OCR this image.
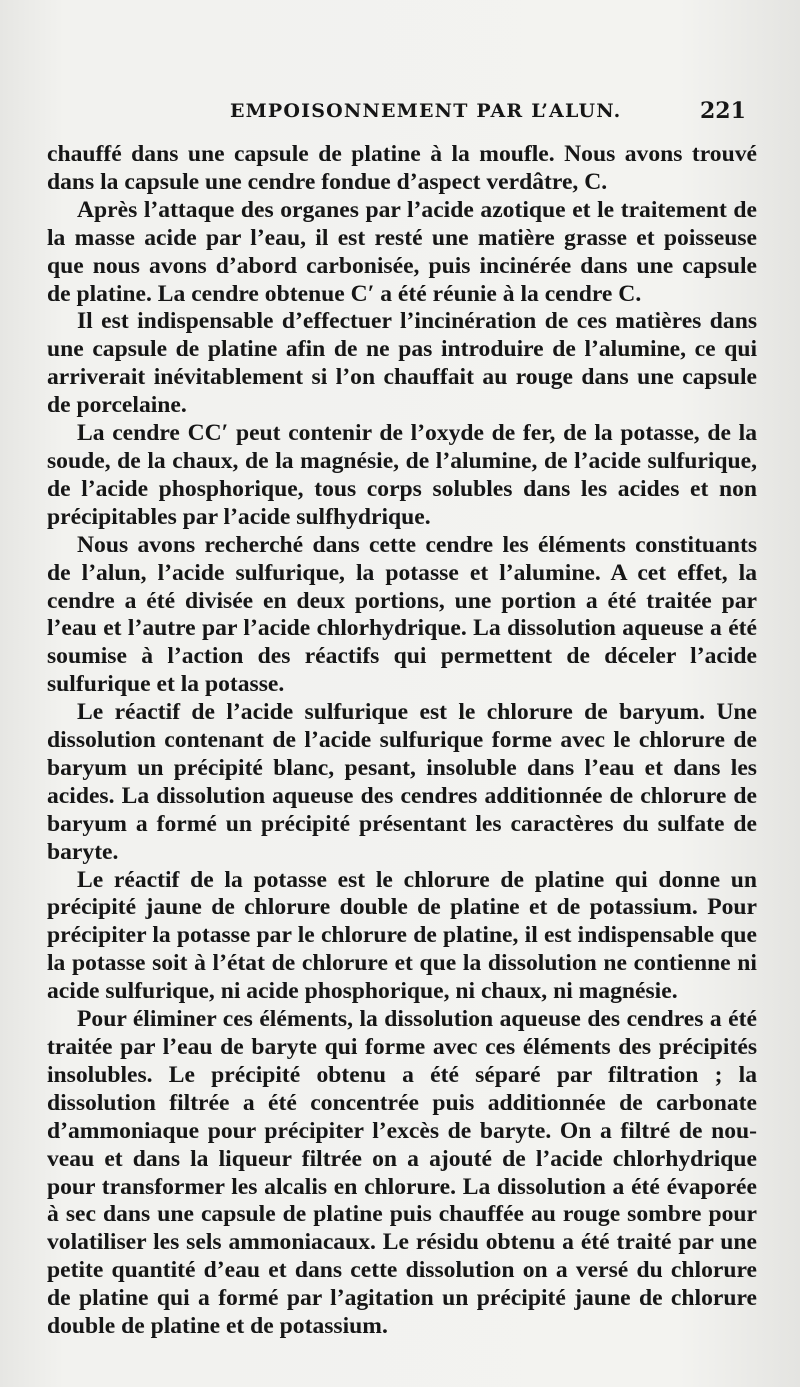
EMPOISONNEMENT PAR L’ALUN.	221

chauffé dans une capsule de platine à la moufle. Nous avons trouvé dans la capsule une cendre fondue d’aspect verdâtre, C.

Après l’attaque des organes par l’acide azotique et le traitement de la masse acide par l’eau, il est resté une matière grasse et poisseuse que nous avons d’abord carbonisée, puis incinérée dans une capsule de platine. La cendre obtenue C′ a été réunie à la cendre C.

Il est indispensable d’effectuer l’incinération de ces matières dans une capsule de platine afin de ne pas introduire de l’alumine, ce qui arriverait inévitablement si l’on chauffait au rouge dans une capsule de porcelaine.

La cendre CC′ peut contenir de l’oxyde de fer, de la potasse, de la soude, de la chaux, de la magnésie, de l’alumine, de l’acide sulfurique, de l’acide phosphorique, tous corps solubles dans les acides et non précipitables par l’acide sulfhydrique.

Nous avons recherché dans cette cendre les éléments constituants de l’alun, l’acide sulfurique, la potasse et l’alumine. A cet effet, la cendre a été divisée en deux portions, une portion a été traitée par l’eau et l’autre par l’acide chlorhydrique. La dissolution aqueuse a été soumise à l’action des réactifs qui permettent de déceler l’acide sulfurique et la potasse.

Le réactif de l’acide sulfurique est le chlorure de baryum. Une dissolution contenant de l’acide sulfurique forme avec le chlorure de baryum un précipité blanc, pesant, insoluble dans l’eau et dans les acides. La dissolution aqueuse des cendres additionnée de chlorure de baryum a formé un précipité présentant les caractères du sulfate de baryte.

Le réactif de la potasse est le chlorure de platine qui donne un précipité jaune de chlorure double de platine et de potassium. Pour précipiter la potasse par le chlorure de platine, il est indispensable que la potasse soit à l’état de chlorure et que la dissolution ne contienne ni acide sulfurique, ni acide phosphorique, ni chaux, ni magnésie.

Pour éliminer ces éléments, la dissolution aqueuse des cendres a été traitée par l’eau de baryte qui forme avec ces éléments des précipités insolubles. Le précipité obtenu a été séparé par filtration ; la dissolution filtrée a été concentrée puis additionnée de carbonate d’ammoniaque pour précipiter l’excès de baryte. On a filtré de nouveau et dans la liqueur filtrée on a ajouté de l’acide chlorhydrique pour transformer les alcalis en chlorure. La dissolution a été évaporée à sec dans une capsule de platine puis chauffée au rouge sombre pour volatiliser les sels ammoniacaux. Le résidu obtenu a été traité par une petite quantité d’eau et dans cette dissolution on a versé du chlorure de platine qui a formé par l’agitation un précipité jaune de chlorure double de platine et de potassium.
